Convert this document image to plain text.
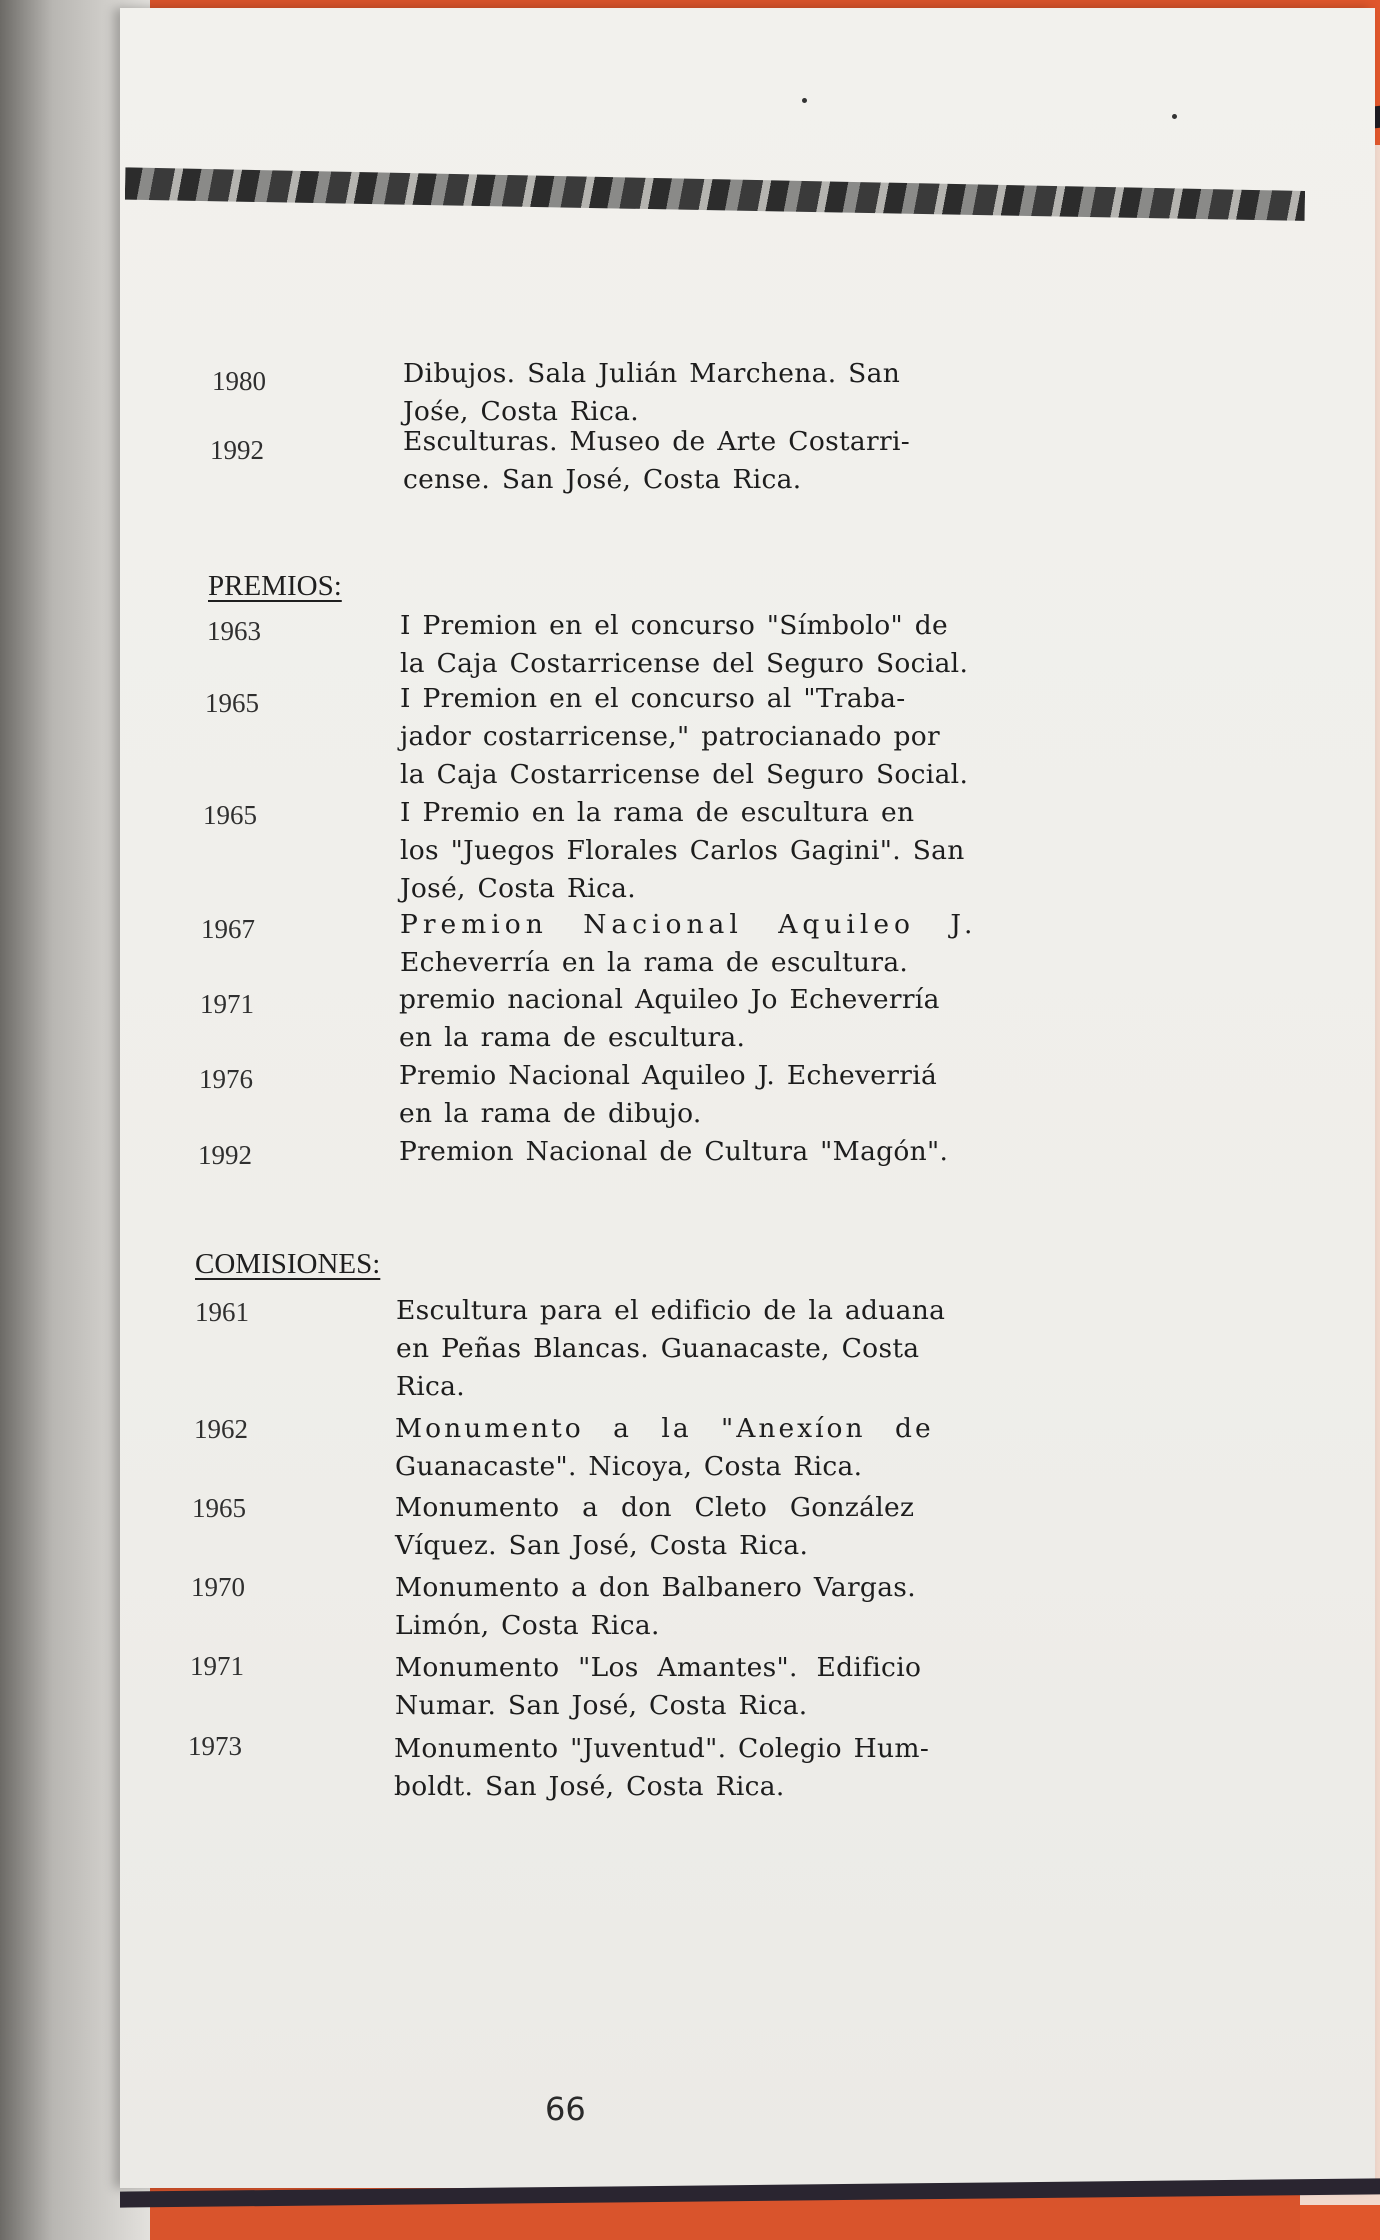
1980	Dibujos. Sala Julián Marchena. San
Jośe, Costa Rica.
1992	Esculturas. Museo de Arte Costarri-
cense. San José, Costa Rica.
PREMIOS:
1963	I Premion en el concurso "Símbolo" de
la Caja Costarricense del Seguro Social.
1965	I Premion en el concurso al "Traba-
jador costarricense," patrocianado por
la Caja Costarricense del Seguro Social.
1965	I Premio en la rama de escultura en
los "Juegos Florales Carlos Gagini". San
José, Costa Rica.
1967	Premion Nacional Aquileo J.
Echeverría en la rama de escultura.
1971	premio nacional Aquileo Jo Echeverría
en la rama de escultura.
1976	Premio Nacional Aquileo J. Echeverriá
en la rama de dibujo.
1992	Premion Nacional de Cultura "Magón".
COMISIONES:
1961	Escultura para el edificio de la aduana
en Peñas Blancas. Guanacaste, Costa
Rica.
1962	Monumento a la "Anexíon de
Guanacaste". Nicoya, Costa Rica.
1965	Monumento a don Cleto González
Víquez. San José, Costa Rica.
1970	Monumento a don Balbanero Vargas.
Limón, Costa Rica.
1971	Monumento "Los Amantes". Edificio
Numar. San José, Costa Rica.
1973	Monumento "Juventud". Colegio Hum-
boldt. San José, Costa Rica.
66
